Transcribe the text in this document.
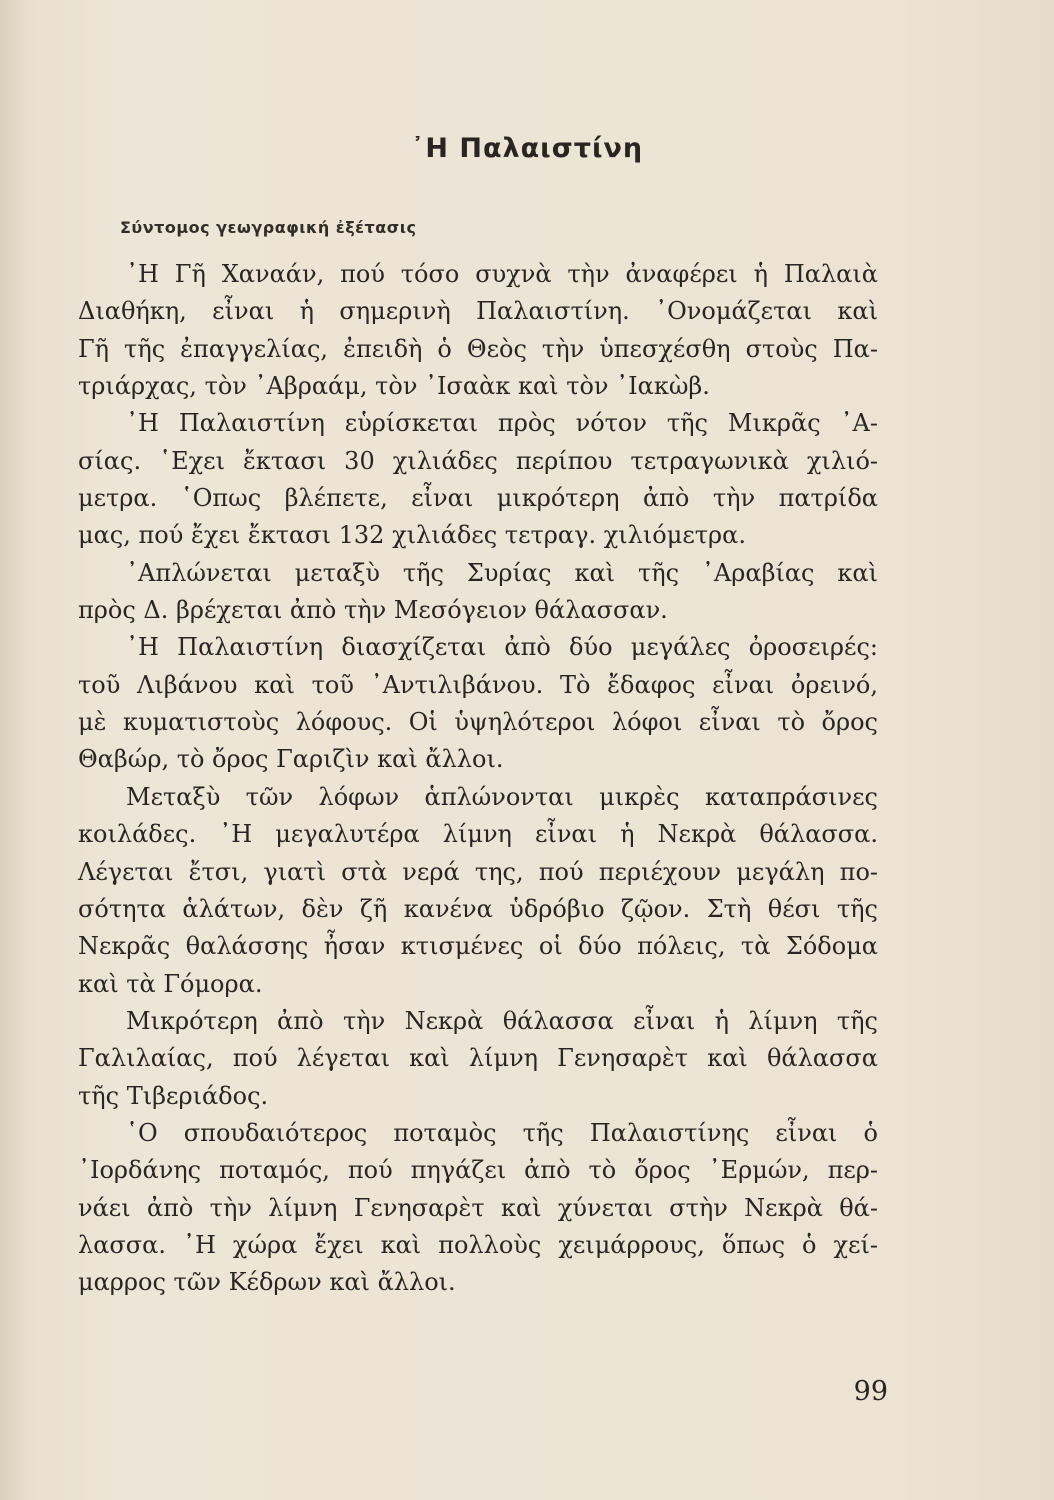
᾿Η Παλαιστίνη
Σύντομος γεωγραφική ἐξέτασις
᾿Η Γῆ Χαναάν, πού τόσο συχνὰ τὴν ἀναφέρει ἡ Παλαιὰ
Διαθήκη, εἶναι ἡ σημερινὴ Παλαιστίνη. ᾽Ονομάζεται καὶ
Γῆ τῆς ἐπαγγελίας, ἐπειδὴ ὁ Θεὸς τὴν ὑπεσχέσθη στοὺς Πα-
τριάρχας, τὸν ᾽Αβραάμ, τὸν ᾽Ισαὰκ καὶ τὸν ᾽Ιακὼβ.
᾿Η Παλαιστίνη εὑρίσκεται πρὸς νότον τῆς Μικρᾶς ᾽Α-
σίας. ῾Εχει ἔκτασι 30 χιλιάδες περίπου τετραγωνικὰ χιλιό-
μετρα. ῾Οπως βλέπετε, εἶναι μικρότερη ἀπὸ τὴν πατρίδα
μας, πού ἔχει ἔκτασι 132 χιλιάδες τετραγ. χιλιόμετρα.
᾿Απλώνεται μεταξὺ τῆς Συρίας καὶ τῆς ᾽Αραβίας καὶ
πρὸς Δ. βρέχεται ἀπὸ τὴν Μεσόγειον θάλασσαν.
᾿Η Παλαιστίνη διασχίζεται ἀπὸ δύο μεγάλες ὀροσειρές:
τοῦ Λιβάνου καὶ τοῦ ᾽Αντιλιβάνου. Τὸ ἔδαφος εἶναι ὀρεινό,
μὲ κυματιστοὺς λόφους. Οἱ ὑψηλότεροι λόφοι εἶναι τὸ ὄρος
Θαβώρ, τὸ ὄρος Γαριζὶν καὶ ἄλλοι.
Μεταξὺ τῶν λόφων ἁπλώνονται μικρὲς καταπράσινες
κοιλάδες. ᾿Η μεγαλυτέρα λίμνη εἶναι ἡ Νεκρὰ θάλασσα.
Λέγεται ἔτσι, γιατὶ στὰ νερά της, πού περιέχουν μεγάλη πο-
σότητα ἁλάτων, δὲν ζῆ κανένα ὑδρόβιο ζῷον. Στὴ θέσι τῆς
Νεκρᾶς θαλάσσης ἦσαν κτισμένες οἱ δύο πόλεις, τὰ Σόδομα
καὶ τὰ Γόμορα.
Μικρότερη ἀπὸ τὴν Νεκρὰ θάλασσα εἶναι ἡ λίμνη τῆς
Γαλιλαίας, πού λέγεται καὶ λίμνη Γενησαρὲτ καὶ θάλασσα
τῆς Τιβεριάδος.
῾Ο σπουδαιότερος ποταμὸς τῆς Παλαιστίνης εἶναι ὁ
᾽Ιορδάνης ποταμός, πού πηγάζει ἀπὸ τὸ ὄρος ᾽Ερμών, περ-
νάει ἀπὸ τὴν λίμνη Γενησαρὲτ καὶ χύνεται στὴν Νεκρὰ θά-
λασσα. ᾿Η χώρα ἔχει καὶ πολλοὺς χειμάρρους, ὅπως ὁ χεί-
μαρρος τῶν Κέδρων καὶ ἄλλοι.
99
